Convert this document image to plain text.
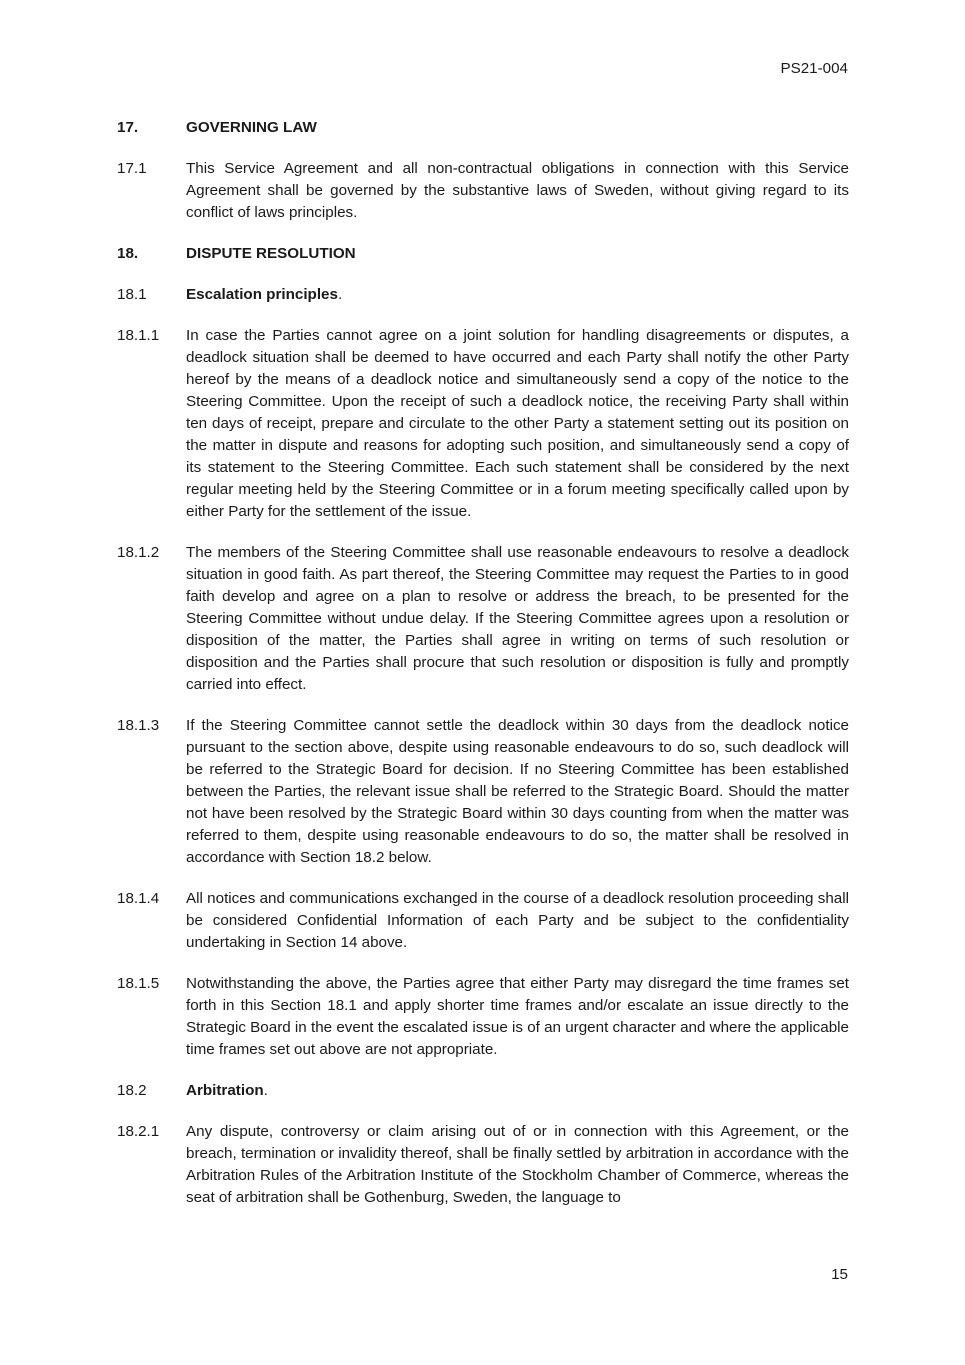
PS21-004
17.	GOVERNING LAW
17.1	This Service Agreement and all non-contractual obligations in connection with this Service Agreement shall be governed by the substantive laws of Sweden, without giving regard to its conflict of laws principles.
18.	DISPUTE RESOLUTION
18.1	Escalation principles.
18.1.1	In case the Parties cannot agree on a joint solution for handling disagreements or disputes, a deadlock situation shall be deemed to have occurred and each Party shall notify the other Party hereof by the means of a deadlock notice and simultaneously send a copy of the notice to the Steering Committee. Upon the receipt of such a deadlock notice, the receiving Party shall within ten days of receipt, prepare and circulate to the other Party a statement setting out its position on the matter in dispute and reasons for adopting such position, and simultaneously send a copy of its statement to the Steering Committee. Each such statement shall be considered by the next regular meeting held by the Steering Committee or in a forum meeting specifically called upon by either Party for the settlement of the issue.
18.1.2	The members of the Steering Committee shall use reasonable endeavours to resolve a deadlock situation in good faith. As part thereof, the Steering Committee may request the Parties to in good faith develop and agree on a plan to resolve or address the breach, to be presented for the Steering Committee without undue delay. If the Steering Committee agrees upon a resolution or disposition of the matter, the Parties shall agree in writing on terms of such resolution or disposition and the Parties shall procure that such resolution or disposition is fully and promptly carried into effect.
18.1.3	If the Steering Committee cannot settle the deadlock within 30 days from the deadlock notice pursuant to the section above, despite using reasonable endeavours to do so, such deadlock will be referred to the Strategic Board for decision. If no Steering Committee has been established between the Parties, the relevant issue shall be referred to the Strategic Board. Should the matter not have been resolved by the Strategic Board within 30 days counting from when the matter was referred to them, despite using reasonable endeavours to do so, the matter shall be resolved in accordance with Section 18.2 below.
18.1.4	All notices and communications exchanged in the course of a deadlock resolution proceeding shall be considered Confidential Information of each Party and be subject to the confidentiality undertaking in Section 14 above.
18.1.5	Notwithstanding the above, the Parties agree that either Party may disregard the time frames set forth in this Section 18.1 and apply shorter time frames and/or escalate an issue directly to the Strategic Board in the event the escalated issue is of an urgent character and where the applicable time frames set out above are not appropriate.
18.2	Arbitration.
18.2.1	Any dispute, controversy or claim arising out of or in connection with this Agreement, or the breach, termination or invalidity thereof, shall be finally settled by arbitration in accordance with the Arbitration Rules of the Arbitration Institute of the Stockholm Chamber of Commerce, whereas the seat of arbitration shall be Gothenburg, Sweden, the language to
15
